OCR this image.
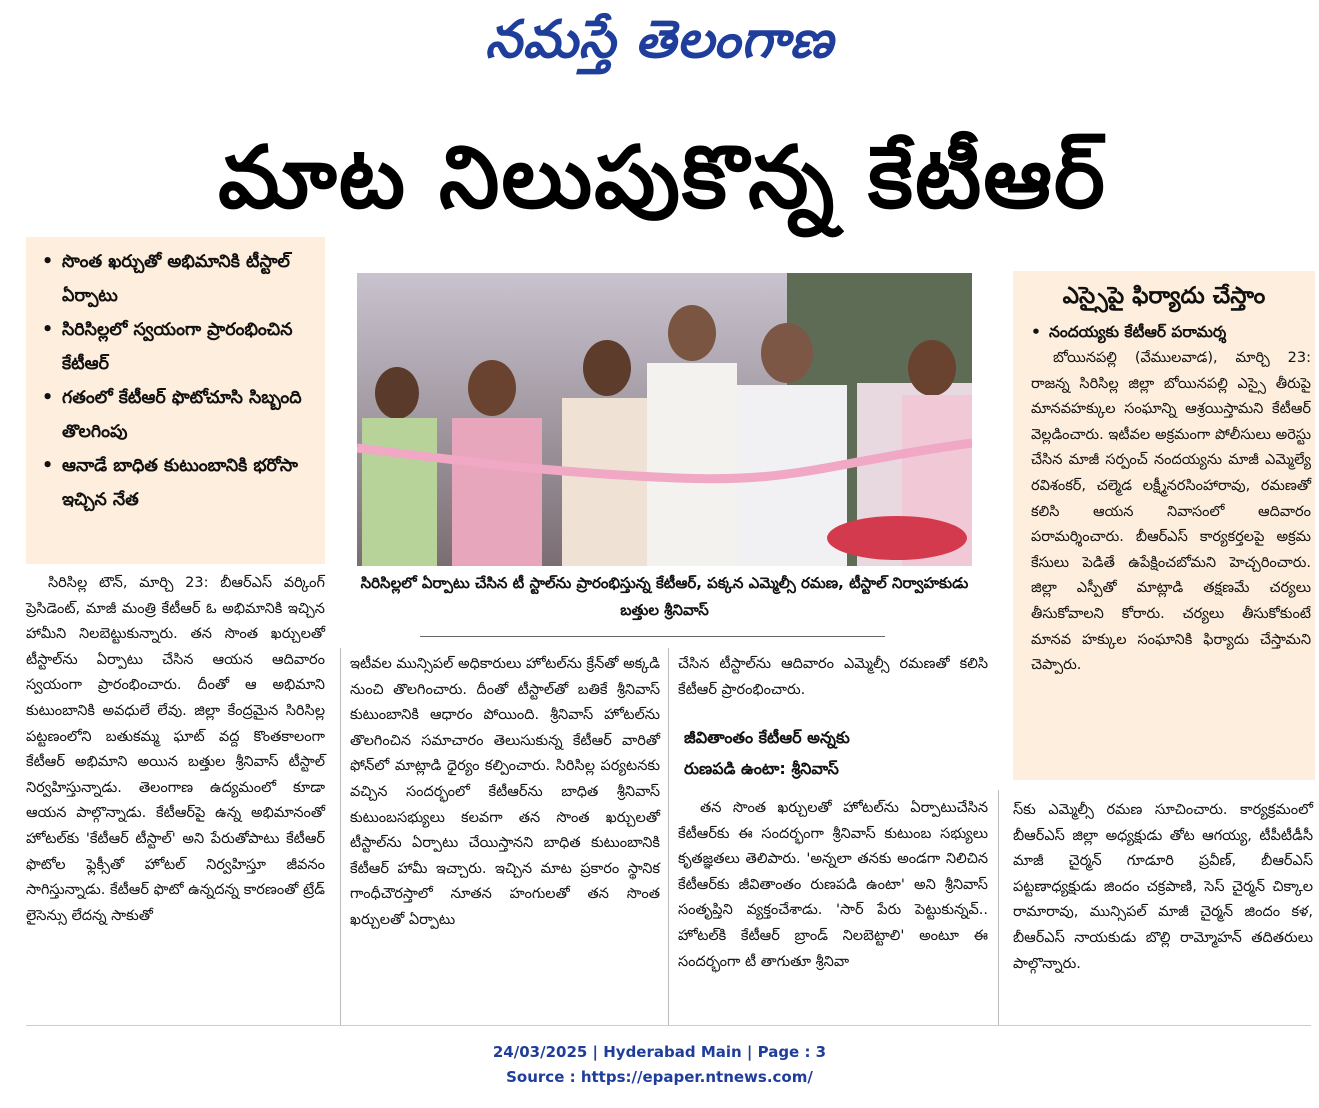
నమస్తే తెలంగాణ
మాట నిలుపుకొన్న కేటీఆర్
• సొంత ఖర్చుతో అభిమానికి టీస్టాల్ ఏర్పాటు
• సిరిసిల్లలో స్వయంగా ప్రారంభించిన కేటీఆర్
• గతంలో కేటీఆర్ ఫొటోచూసి సిబ్బంది తొలగింపు
• ఆనాడే బాధిత కుటుంబానికి భరోసా ఇచ్చిన నేత
సిరిసిల్లలో ఏర్పాటు చేసిన టీ స్టాల్‌ను ప్రారంభిస్తున్న కేటీఆర్, పక్కన ఎమ్మెల్సీ రమణ, టీస్టాల్ నిర్వాహకుడు బత్తుల శ్రీనివాస్

సిరిసిల్ల టౌన్, మార్చి 23: బీఆర్‌ఎస్ వర్కింగ్ ప్రెసిడెంట్, మాజీ మంత్రి కేటీఆర్ ఓ అభిమానికి ఇచ్చిన హామీని నిలబెట్టుకున్నారు. తన సొంత ఖర్చులతో టీస్టాల్‌ను ఏర్పాటు చేసిన ఆయన ఆదివారం స్వయంగా ప్రారంభించారు. దీంతో ఆ అభిమాని కుటుంబానికి అవధులే లేవు. జిల్లా కేంద్రమైన సిరిసిల్ల పట్టణంలోని బతుకమ్మ ఘాట్ వద్ద కొంతకాలంగా కేటీఆర్ అభిమాని అయిన బత్తుల శ్రీనివాస్ టీస్టాల్ నిర్వహిస్తున్నాడు. తెలంగాణ ఉద్యమంలో కూడా ఆయన పాల్గొన్నాడు. కేటీఆర్‌పై ఉన్న అభిమానంతో హోటల్‌కు 'కేటీఆర్ టీస్టాల్' అని పేరుతోపాటు కేటీఆర్ ఫొటోల ఫ్లెక్సీతో హోటల్ నిర్వహిస్తూ జీవనం సాగిస్తున్నాడు. కేటీఆర్ ఫొటో ఉన్నదన్న కారణంతో ట్రేడ్ లైసెన్సు లేదన్న సాకుతో

ఇటీవల మున్సిపల్ అధికారులు హోటల్‌ను క్రేన్‌తో అక్కడి నుంచి తొలగించారు. దీంతో టీస్టాల్‌తో బతికే శ్రీనివాస్ కుటుంబానికి ఆధారం పోయింది. శ్రీనివాస్ హోటల్‌ను తొలగించిన సమాచారం తెలుసుకున్న కేటీఆర్ వారితో ఫోన్‌లో మాట్లాడి ధైర్యం కల్పించారు. సిరిసిల్ల పర్యటనకు వచ్చిన సందర్భంలో కేటీఆర్‌ను బాధిత శ్రీనివాస్ కుటుంబసభ్యులు కలవగా తన సొంత ఖర్చులతో టీస్టాల్‌ను ఏర్పాటు చేయిస్తానని బాధిత కుటుంబానికి కేటీఆర్ హామీ ఇచ్చారు. ఇచ్చిన మాట ప్రకారం స్థానిక గాంధీచౌరస్తాలో నూతన హంగులతో తన సొంత ఖర్చులతో ఏర్పాటు

చేసిన టీస్టాల్‌ను ఆదివారం ఎమ్మెల్సీ రమణతో కలిసి కేటీఆర్ ప్రారంభించారు.

జీవితాంతం కేటీఆర్ అన్నకు రుణపడి ఉంటా: శ్రీనివాస్

తన సొంత ఖర్చులతో హోటల్‌ను ఏర్పాటుచేసిన కేటీఆర్‌కు ఈ సందర్భంగా శ్రీనివాస్ కుటుంబ సభ్యులు కృతజ్ఞతలు తెలిపారు. 'అన్నలా తనకు అండగా నిలిచిన కేటీఆర్‌కు జీవితాంతం రుణపడి ఉంటా' అని శ్రీనివాస్ సంతృప్తిని వ్యక్తంచేశాడు. 'సార్ పేరు పెట్టుకున్నవ్.. హోటల్‌కి కేటీఆర్ బ్రాండ్ నిలబెట్టాలి' అంటూ ఈ సందర్భంగా టీ తాగుతూ శ్రీనివా

ఎస్సైపై ఫిర్యాదు చేస్తాం
• నందయ్యకు కేటీఆర్ పరామర్శ

బోయినపల్లి (వేములవాడ), మార్చి 23: రాజన్న సిరిసిల్ల జిల్లా బోయినపల్లి ఎస్సై తీరుపై మానవహక్కుల సంఘాన్ని ఆశ్రయిస్తామని కేటీఆర్ వెల్లడించారు. ఇటీవల అక్రమంగా పోలీసులు అరెస్టు చేసిన మాజీ సర్పంచ్ నందయ్యను మాజీ ఎమ్మెల్యే రవిశంకర్, చల్మెడ లక్ష్మీనరసింహారావు, రమణతో కలిసి ఆయన నివాసంలో ఆదివారం పరామర్శించారు. బీఆర్‌ఎస్ కార్యకర్తలపై అక్రమ కేసులు పెడితే ఉపేక్షించబోమని హెచ్చరించారు. జిల్లా ఎస్పీతో మాట్లాడి తక్షణమే చర్యలు తీసుకోవాలని కోరారు. చర్యలు తీసుకోకుంటే మానవ హక్కుల సంఘానికి ఫిర్యాదు చేస్తామని చెప్పారు.

స్‌కు ఎమ్మెల్సీ రమణ సూచించారు. కార్యక్రమంలో బీఆర్‌ఎస్ జిల్లా అధ్యక్షుడు తోట ఆగయ్య, టీపీటీడీసీ మాజీ చైర్మన్ గూడూరి ప్రవీణ్, బీఆర్‌ఎస్ పట్టణాధ్యక్షుడు జిందం చక్రపాణి, సెస్ చైర్మన్ చిక్కాల రామారావు, మున్సిపల్ మాజీ చైర్మన్ జిందం కళ, బీఆర్‌ఎస్ నాయకుడు బొల్లి రామ్మోహన్ తదితరులు పాల్గొన్నారు.

24/03/2025 | Hyderabad Main | Page : 3
Source : https://epaper.ntnews.com/
